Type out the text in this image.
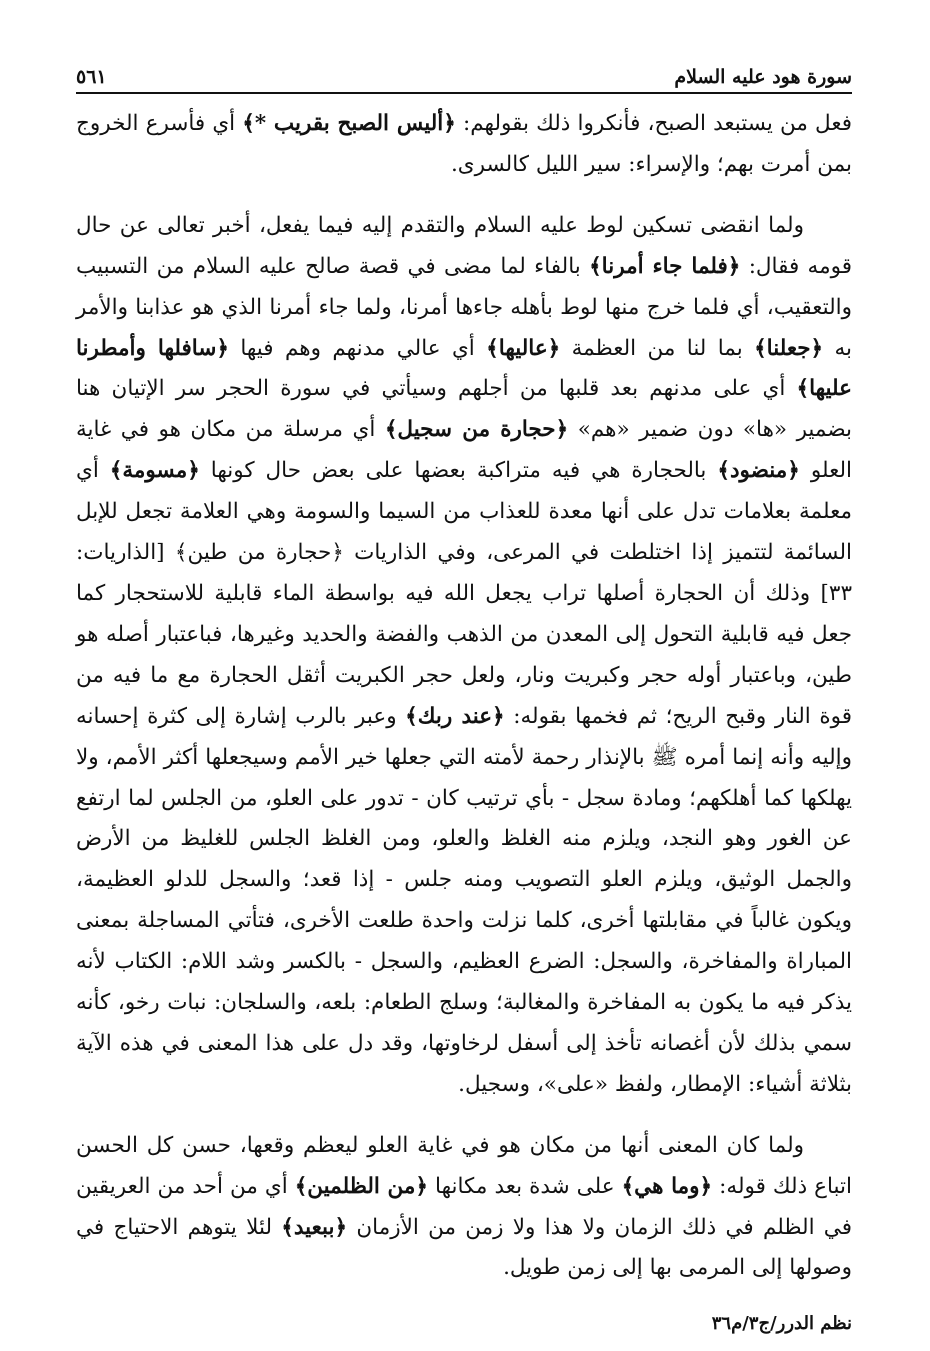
سورة هود عليه السلام
٥٦١

فعل من يستبعد الصبح، فأنكروا ذلك بقولهم: ﴿أليس الصبح بقريب *﴾ أي فأسرع الخروج بمن أمرت بهم؛ والإسراء: سير الليل كالسرى.

ولما انقضى تسكين لوط عليه السلام والتقدم إليه فيما يفعل، أخبر تعالى عن حال قومه فقال: ﴿فلما جاء أمرنا﴾ بالفاء لما مضى في قصة صالح عليه السلام من التسبيب والتعقيب، أي فلما خرج منها لوط بأهله جاءها أمرنا، ولما جاء أمرنا الذي هو عذابنا والأمر به ﴿جعلنا﴾ بما لنا من العظمة ﴿عاليها﴾ أي عالي مدنهم وهم فيها ﴿سافلها وأمطرنا عليها﴾ أي على مدنهم بعد قلبها من أجلهم وسيأتي في سورة الحجر سر الإتيان هنا بضمير «ها» دون ضمير «هم» ﴿حجارة من سجيل﴾ أي مرسلة من مكان هو في غاية العلو ﴿منضود﴾ بالحجارة هي فيه متراكبة بعضها على بعض حال كونها ﴿مسومة﴾ أي معلمة بعلامات تدل على أنها معدة للعذاب من السيما والسومة وهي العلامة تجعل للإبل السائمة لتتميز إذا اختلطت في المرعى، وفي الذاريات ﴿حجارة من طين﴾ [الذاريات: ٣٣] وذلك أن الحجارة أصلها تراب يجعل الله فيه بواسطة الماء قابلية للاستحجار كما جعل فيه قابلية التحول إلى المعدن من الذهب والفضة والحديد وغيرها، فباعتبار أصله هو طين، وباعتبار أوله حجر وكبريت ونار، ولعل حجر الكبريت أثقل الحجارة مع ما فيه من قوة النار وقبح الريح؛ ثم فخمها بقوله: ﴿عند ربك﴾ وعبر بالرب إشارة إلى كثرة إحسانه وإليه وأنه إنما أمره ﷺ بالإنذار رحمة لأمته التي جعلها خير الأمم وسيجعلها أكثر الأمم، ولا يهلكها كما أهلكهم؛ ومادة سجل - بأي ترتيب كان - تدور على العلو، من الجلس لما ارتفع عن الغور وهو النجد، ويلزم منه الغلظ والعلو، ومن الغلظ الجلس للغليظ من الأرض والجمل الوثيق، ويلزم العلو التصويب ومنه جلس - إذا قعد؛ والسجل للدلو العظيمة، ويكون غالباً في مقابلتها أخرى، كلما نزلت واحدة طلعت الأخرى، فتأتي المساجلة بمعنى المباراة والمفاخرة، والسجل: الضرع العظيم، والسجل - بالكسر وشد اللام: الكتاب لأنه يذكر فيه ما يكون به المفاخرة والمغالبة؛ وسلج الطعام: بلعه، والسلجان: نبات رخو، كأنه سمي بذلك لأن أغصانه تأخذ إلى أسفل لرخاوتها، وقد دل على هذا المعنى في هذه الآية بثلاثة أشياء: الإمطار، ولفظ «على»، وسجيل.

ولما كان المعنى أنها من مكان هو في غاية العلو ليعظم وقعها، حسن كل الحسن اتباع ذلك قوله: ﴿وما هي﴾ على شدة بعد مكانها ﴿من الظلمين﴾ أي من أحد من العريقين في الظلم في ذلك الزمان ولا هذا ولا زمن من الأزمان ﴿ببعيد﴾ لئلا يتوهم الاحتياج في وصولها إلى المرمى بها إلى زمن طويل.

نظم الدرر/ج٣/م٣٦
